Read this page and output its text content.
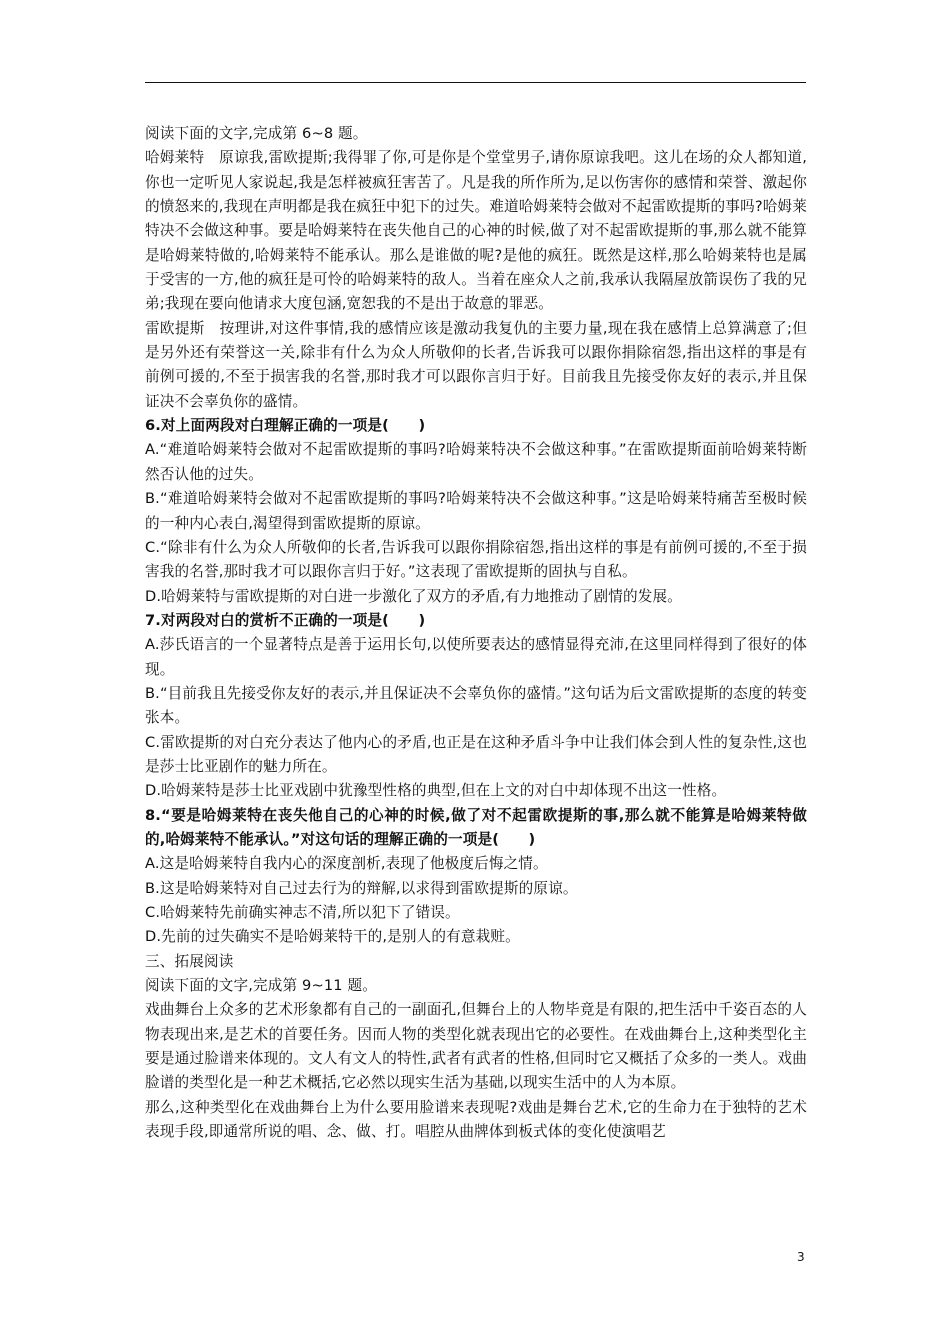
阅读下面的文字,完成第 6~8 题。

哈姆莱特　原谅我,雷欧提斯;我得罪了你,可是你是个堂堂男子,请你原谅我吧。这儿在场的众人都知道,你也一定听见人家说起,我是怎样被疯狂害苦了。凡是我的所作所为,足以伤害你的感情和荣誉、激起你的愤怒来的,我现在声明都是我在疯狂中犯下的过失。难道哈姆莱特会做对不起雷欧提斯的事吗?哈姆莱特决不会做这种事。要是哈姆莱特在丧失他自己的心神的时候,做了对不起雷欧提斯的事,那么就不能算是哈姆莱特做的,哈姆莱特不能承认。那么是谁做的呢?是他的疯狂。既然是这样,那么哈姆莱特也是属于受害的一方,他的疯狂是可怜的哈姆莱特的敌人。当着在座众人之前,我承认我隔屋放箭误伤了我的兄弟;我现在要向他请求大度包涵,宽恕我的不是出于故意的罪恶。

雷欧提斯　按理讲,对这件事情,我的感情应该是激动我复仇的主要力量,现在我在感情上总算满意了;但是另外还有荣誉这一关,除非有什么为众人所敬仰的长者,告诉我可以跟你捐除宿怨,指出这样的事是有前例可援的,不至于损害我的名誉,那时我才可以跟你言归于好。目前我且先接受你友好的表示,并且保证决不会辜负你的盛情。

6.对上面两段对白理解正确的一项是(　　)

A.“难道哈姆莱特会做对不起雷欧提斯的事吗?哈姆莱特决不会做这种事。”在雷欧提斯面前哈姆莱特断然否认他的过失。

B.“难道哈姆莱特会做对不起雷欧提斯的事吗?哈姆莱特决不会做这种事。”这是哈姆莱特痛苦至极时候的一种内心表白,渴望得到雷欧提斯的原谅。

C.“除非有什么为众人所敬仰的长者,告诉我可以跟你捐除宿怨,指出这样的事是有前例可援的,不至于损害我的名誉,那时我才可以跟你言归于好。”这表现了雷欧提斯的固执与自私。

D.哈姆莱特与雷欧提斯的对白进一步激化了双方的矛盾,有力地推动了剧情的发展。

7.对两段对白的赏析不正确的一项是(　　)

A.莎氏语言的一个显著特点是善于运用长句,以使所要表达的感情显得充沛,在这里同样得到了很好的体现。

B.“目前我且先接受你友好的表示,并且保证决不会辜负你的盛情。”这句话为后文雷欧提斯的态度的转变张本。

C.雷欧提斯的对白充分表达了他内心的矛盾,也正是在这种矛盾斗争中让我们体会到人性的复杂性,这也是莎士比亚剧作的魅力所在。

D.哈姆莱特是莎士比亚戏剧中犹豫型性格的典型,但在上文的对白中却体现不出这一性格。

8.“要是哈姆莱特在丧失他自己的心神的时候,做了对不起雷欧提斯的事,那么就不能算是哈姆莱特做的,哈姆莱特不能承认。”对这句话的理解正确的一项是(　　)

A.这是哈姆莱特自我内心的深度剖析,表现了他极度后悔之情。

B.这是哈姆莱特对自己过去行为的辩解,以求得到雷欧提斯的原谅。

C.哈姆莱特先前确实神志不清,所以犯下了错误。

D.先前的过失确实不是哈姆莱特干的,是别人的有意栽赃。

三、拓展阅读

阅读下面的文字,完成第 9~11 题。

戏曲舞台上众多的艺术形象都有自己的一副面孔,但舞台上的人物毕竟是有限的,把生活中千姿百态的人物表现出来,是艺术的首要任务。因而人物的类型化就表现出它的必要性。在戏曲舞台上,这种类型化主要是通过脸谱来体现的。文人有文人的特性,武者有武者的性格,但同时它又概括了众多的一类人。戏曲脸谱的类型化是一种艺术概括,它必然以现实生活为基础,以现实生活中的人为本原。

那么,这种类型化在戏曲舞台上为什么要用脸谱来表现呢?戏曲是舞台艺术,它的生命力在于独特的艺术表现手段,即通常所说的唱、念、做、打。唱腔从曲牌体到板式体的变化使演唱艺

3
